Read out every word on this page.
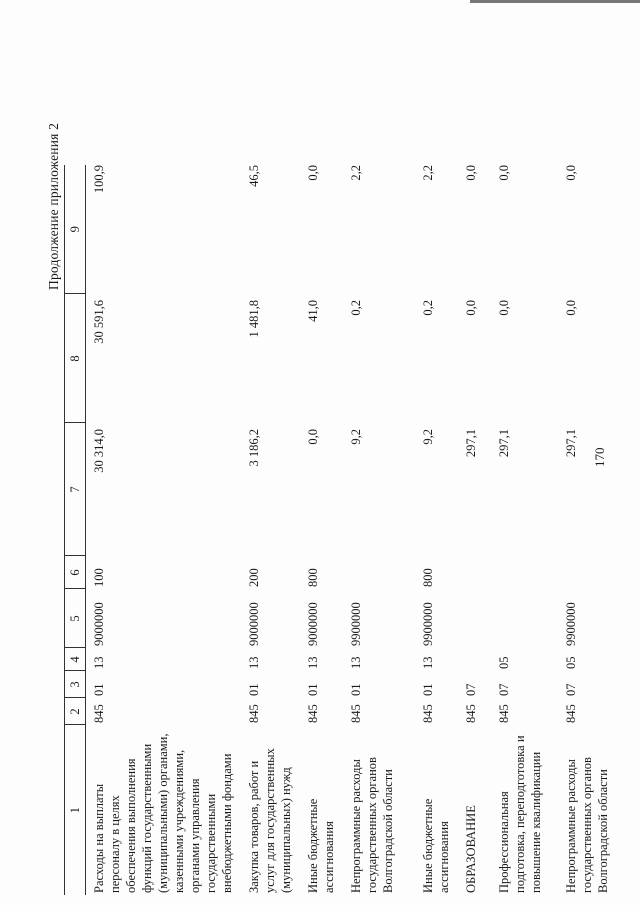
170
Продолжение приложения 2
1	2	3	4	5	6	7	8	9
Расходы на выплаты персоналу в целях обеспечения выполнения функций государственными (муниципальными) органами, казенными учреждениями, органами управления государственными внебюджетными фондами	845	01	13	9000000	100	30 314,0	30 591,6	100,9
Закупка товаров, работ и услуг для государственных (муниципальных) нужд	845	01	13	9000000	200	3 186,2	1 481,8	46,5
Иные бюджетные ассигнования	845	01	13	9000000	800	0,0	41,0	0,0
Непрограммные расходы государственных органов Волгоградской области	845	01	13	9900000		9,2	0,2	2,2
Иные бюджетные ассигнования	845	01	13	9900000	800	9,2	0,2	2,2
ОБРАЗОВАНИЕ	845	07				297,1	0,0	0,0
Профессиональная подготовка, переподготовка и повышение квалификации	845	07	05			297,1	0,0	0,0
Непрограммные расходы государственных органов Волгоградской области	845	07	05	9900000		297,1	0,0	0,0
